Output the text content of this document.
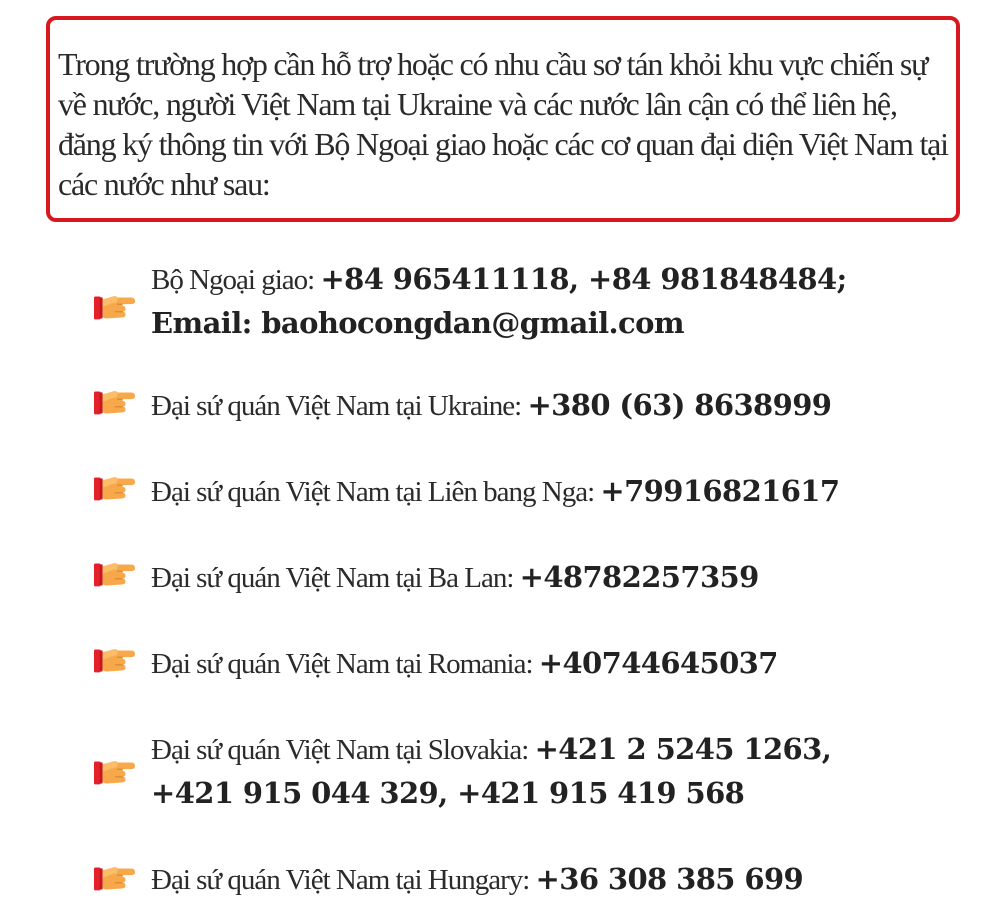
Trong trường hợp cần hỗ trợ hoặc có nhu cầu sơ tán khỏi khu vực chiến sự về nước, người Việt Nam tại Ukraine và các nước lân cận có thể liên hệ, đăng ký thông tin với Bộ Ngoại giao hoặc các cơ quan đại diện Việt Nam tại các nước như sau:

Bộ Ngoại giao: +84 965411118, +84 981848484;
Email: baohocongdan@gmail.com
Đại sứ quán Việt Nam tại Ukraine: +380 (63) 8638999
Đại sứ quán Việt Nam tại Liên bang Nga: +79916821617
Đại sứ quán Việt Nam tại Ba Lan: +48782257359
Đại sứ quán Việt Nam tại Romania: +40744645037
Đại sứ quán Việt Nam tại Slovakia: +421 2 5245 1263,
+421 915 044 329, +421 915 419 568
Đại sứ quán Việt Nam tại Hungary: +36 308 385 699
